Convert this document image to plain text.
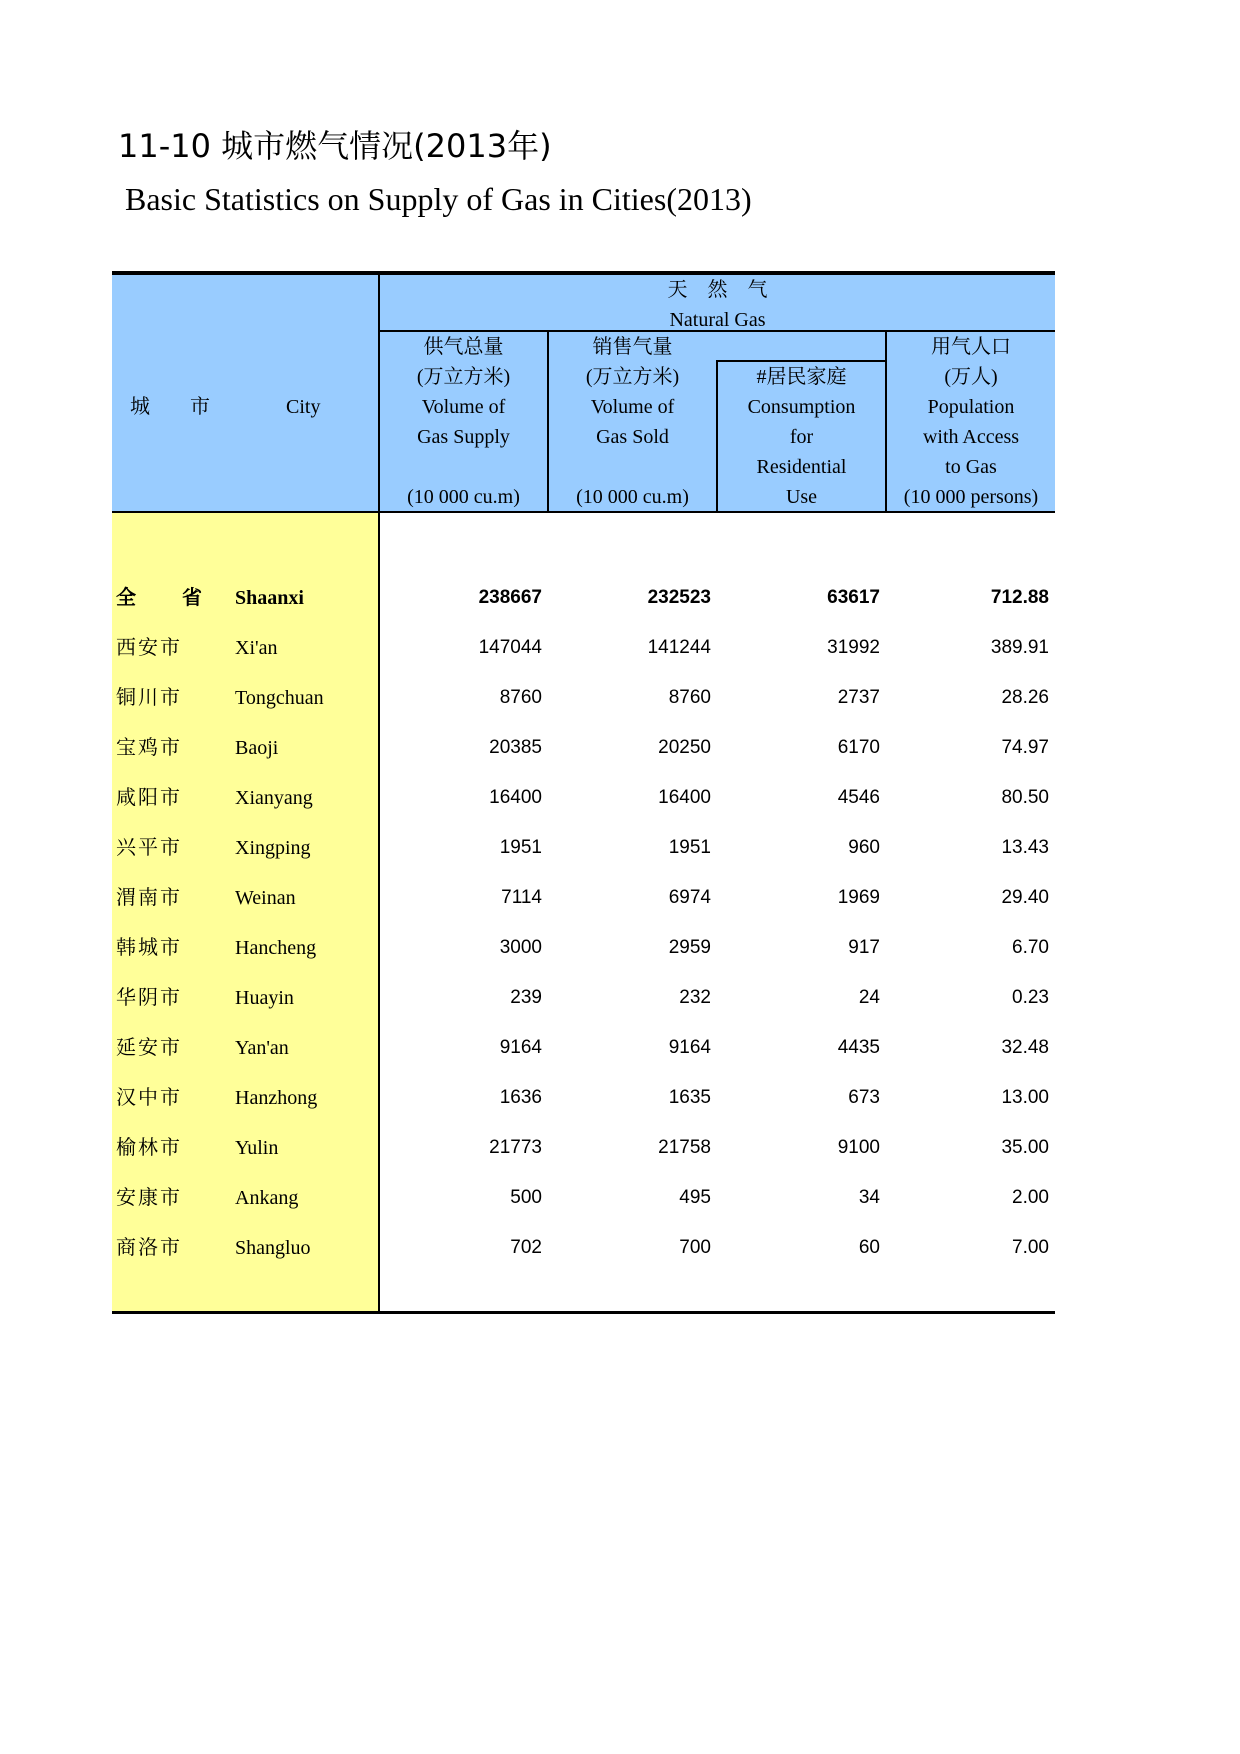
11-10 城市燃气情况(2013年)
Basic Statistics on Supply of Gas in Cities(2013)
城　　市	City
天　然　气
Natural Gas
供气总量
(万立方米)
Volume of
Gas Supply
(10 000 cu.m)
销售气量
(万立方米)
Volume of
Gas Sold
(10 000 cu.m)
#居民家庭
Consumption
for
Residential
Use
用气人口
(万人)
Population
with Access
to Gas
(10 000 persons)
全　　省 Shaanxi	238667	232523	63617	712.88
西安市	Xi'an	147044	141244	31992	389.91
铜川市	Tongchuan	8760	8760	2737	28.26
宝鸡市	Baoji	20385	20250	6170	74.97
咸阳市	Xianyang	16400	16400	4546	80.50
兴平市	Xingping	1951	1951	960	13.43
渭南市	Weinan	7114	6974	1969	29.40
韩城市	Hancheng	3000	2959	917	6.70
华阴市	Huayin	239	232	24	0.23
延安市	Yan'an	9164	9164	4435	32.48
汉中市	Hanzhong	1636	1635	673	13.00
榆林市	Yulin	21773	21758	9100	35.00
安康市	Ankang	500	495	34	2.00
商洛市	Shangluo	702	700	60	7.00
